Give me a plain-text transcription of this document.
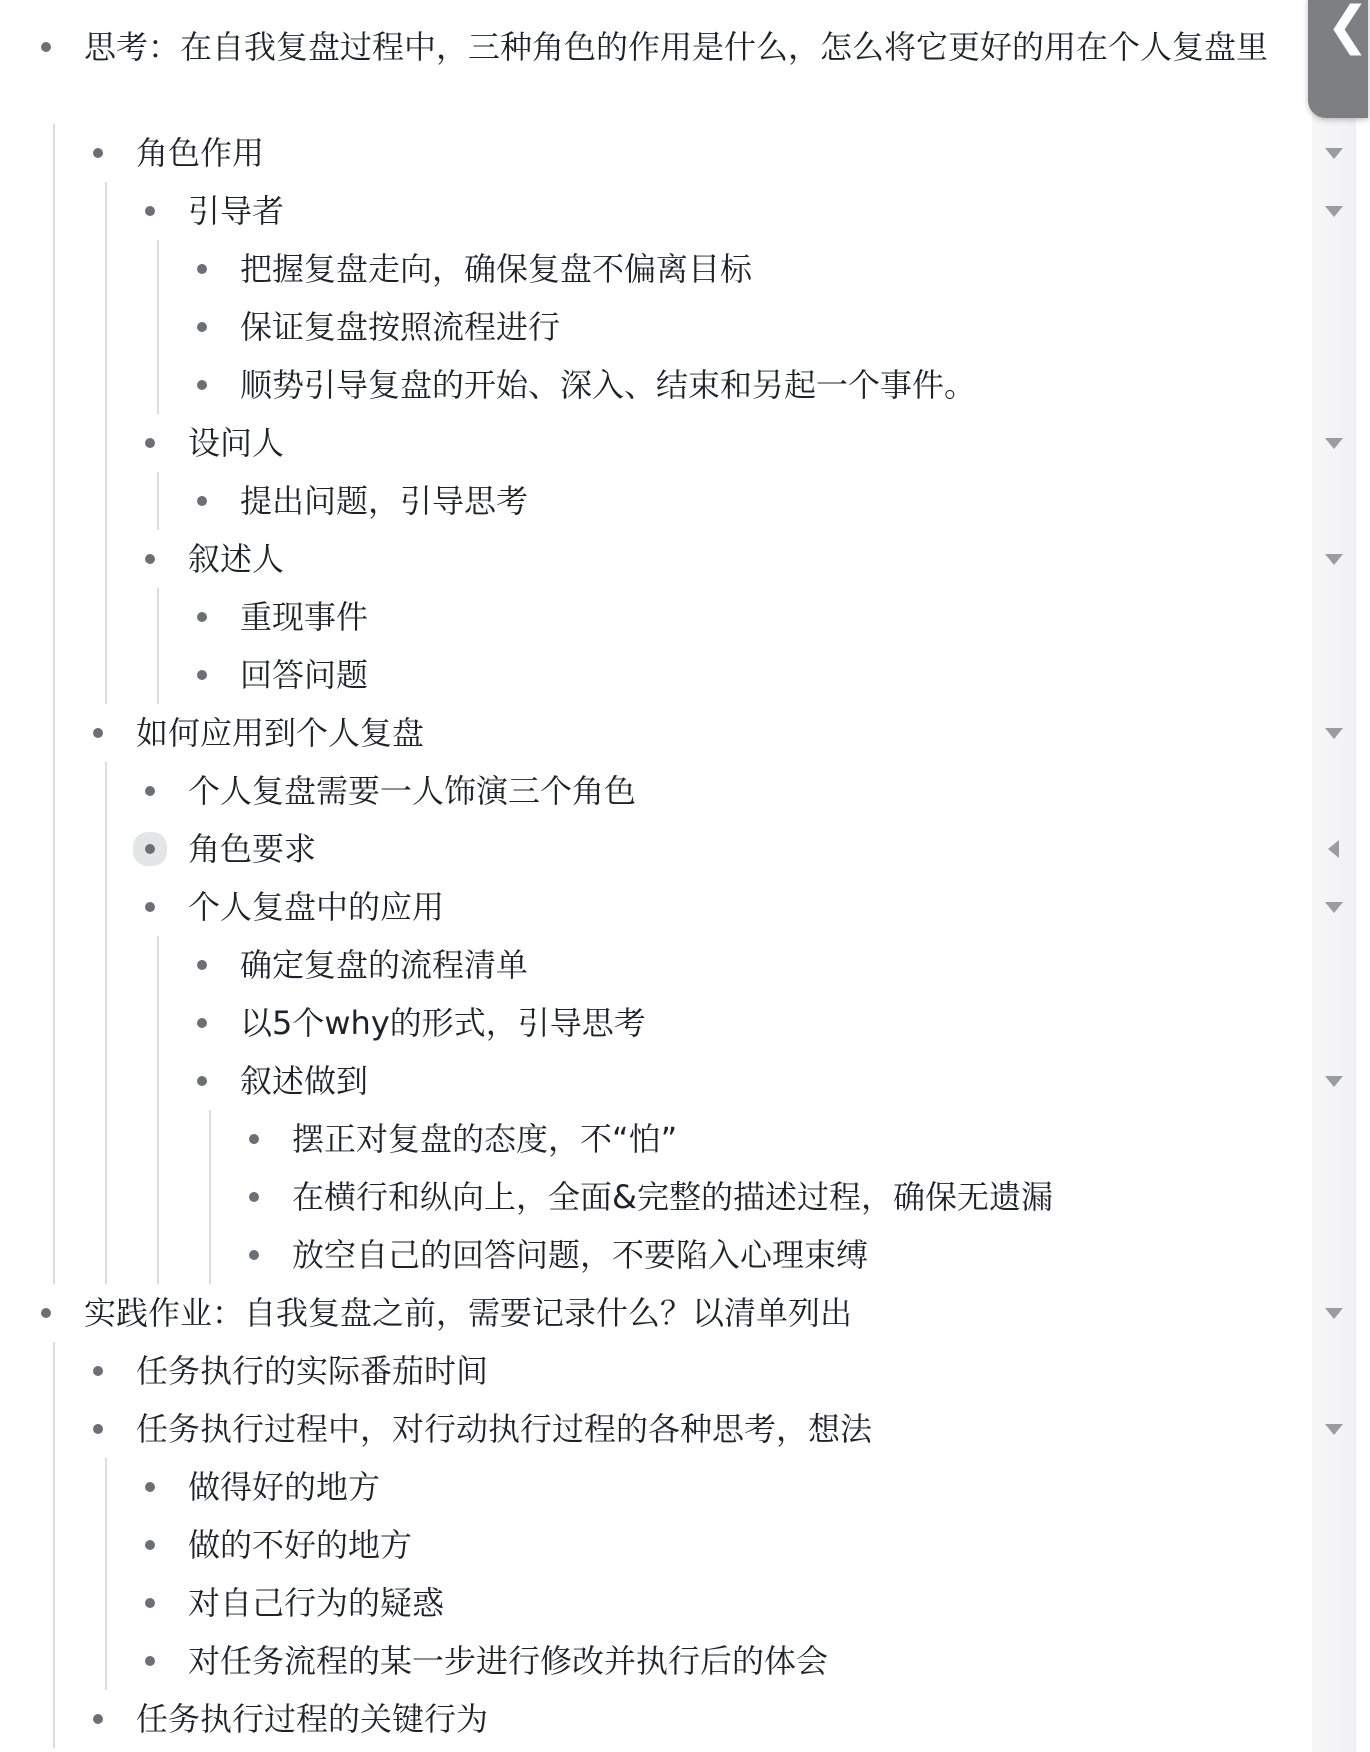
思考：在自我复盘过程中，三种角色的作用是什么，怎么将它更好的用在个人复盘里
角色作用
引导者
把握复盘走向，确保复盘不偏离目标
保证复盘按照流程进行
顺势引导复盘的开始、深入、结束和另起一个事件。
设问人
提出问题，引导思考
叙述人
重现事件
回答问题
如何应用到个人复盘
个人复盘需要一人饰演三个角色
角色要求
个人复盘中的应用
确定复盘的流程清单
以5个why的形式，引导思考
叙述做到
摆正对复盘的态度，不“怕”
在横行和纵向上，全面&完整的描述过程，确保无遗漏
放空自己的回答问题，不要陷入心理束缚
实践作业：自我复盘之前，需要记录什么？以清单列出
任务执行的实际番茄时间
任务执行过程中，对行动执行过程的各种思考，想法
做得好的地方
做的不好的地方
对自己行为的疑惑
对任务流程的某一步进行修改并执行后的体会
任务执行过程的关键行为
❮
